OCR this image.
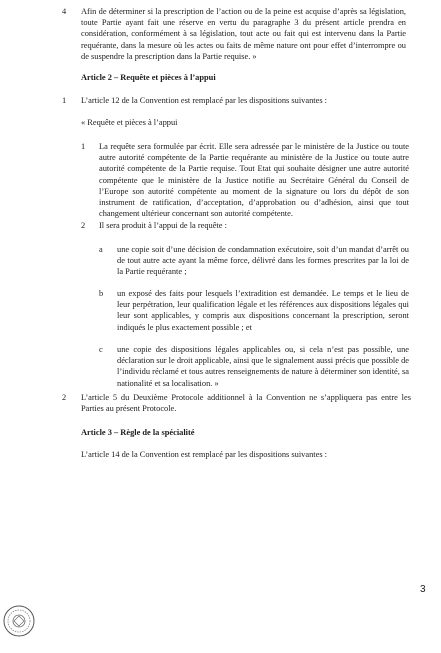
4 Afin de déterminer si la prescription de l’action ou de la peine est acquise d’après sa législation, toute Partie ayant fait une réserve en vertu du paragraphe 3 du présent article prendra en considération, conformément à sa législation, tout acte ou fait qui est intervenu dans la Partie requérante, dans la mesure où les actes ou faits de même nature ont pour effet d’interrompre ou de suspendre la prescription dans la Partie requise. »
Article 2 – Requête et pièces à l’appui
1 L’article 12 de la Convention est remplacé par les dispositions suivantes :
« Requête et pièces à l’appui
1 La requête sera formulée par écrit. Elle sera adressée par le ministère de la Justice ou toute autre autorité compétente de la Partie requérante au ministère de la Justice ou toute autre autorité compétente de la Partie requise. Tout Etat qui souhaite désigner une autre autorité compétente que le ministère de la Justice notifie au Secrétaire Général du Conseil de l’Europe son autorité compétente au moment de la signature ou lors du dépôt de son instrument de ratification, d’acceptation, d’approbation ou d’adhésion, ainsi que tout changement ultérieur concernant son autorité compétente.
2 Il sera produit à l’appui de la requête :
a une copie soit d’une décision de condamnation exécutoire, soit d’un mandat d’arrêt ou de tout autre acte ayant la même force, délivré dans les formes prescrites par la loi de la Partie requérante ;
b un exposé des faits pour lesquels l’extradition est demandée. Le temps et le lieu de leur perpétration, leur qualification légale et les références aux dispositions légales qui leur sont applicables, y compris aux dispositions concernant la prescription, seront indiqués le plus exactement possible ; et
c une copie des dispositions légales applicables ou, si cela n’est pas possible, une déclaration sur le droit applicable, ainsi que le signalement aussi précis que possible de l’individu réclamé et tous autres renseignements de nature à déterminer son identité, sa nationalité et sa localisation. »
2 L’article 5 du Deuxième Protocole additionnel à la Convention ne s’appliquera pas entre les Parties au présent Protocole.
Article 3 – Règle de la spécialité
L’article 14 de la Convention est remplacé par les dispositions suivantes :
3
